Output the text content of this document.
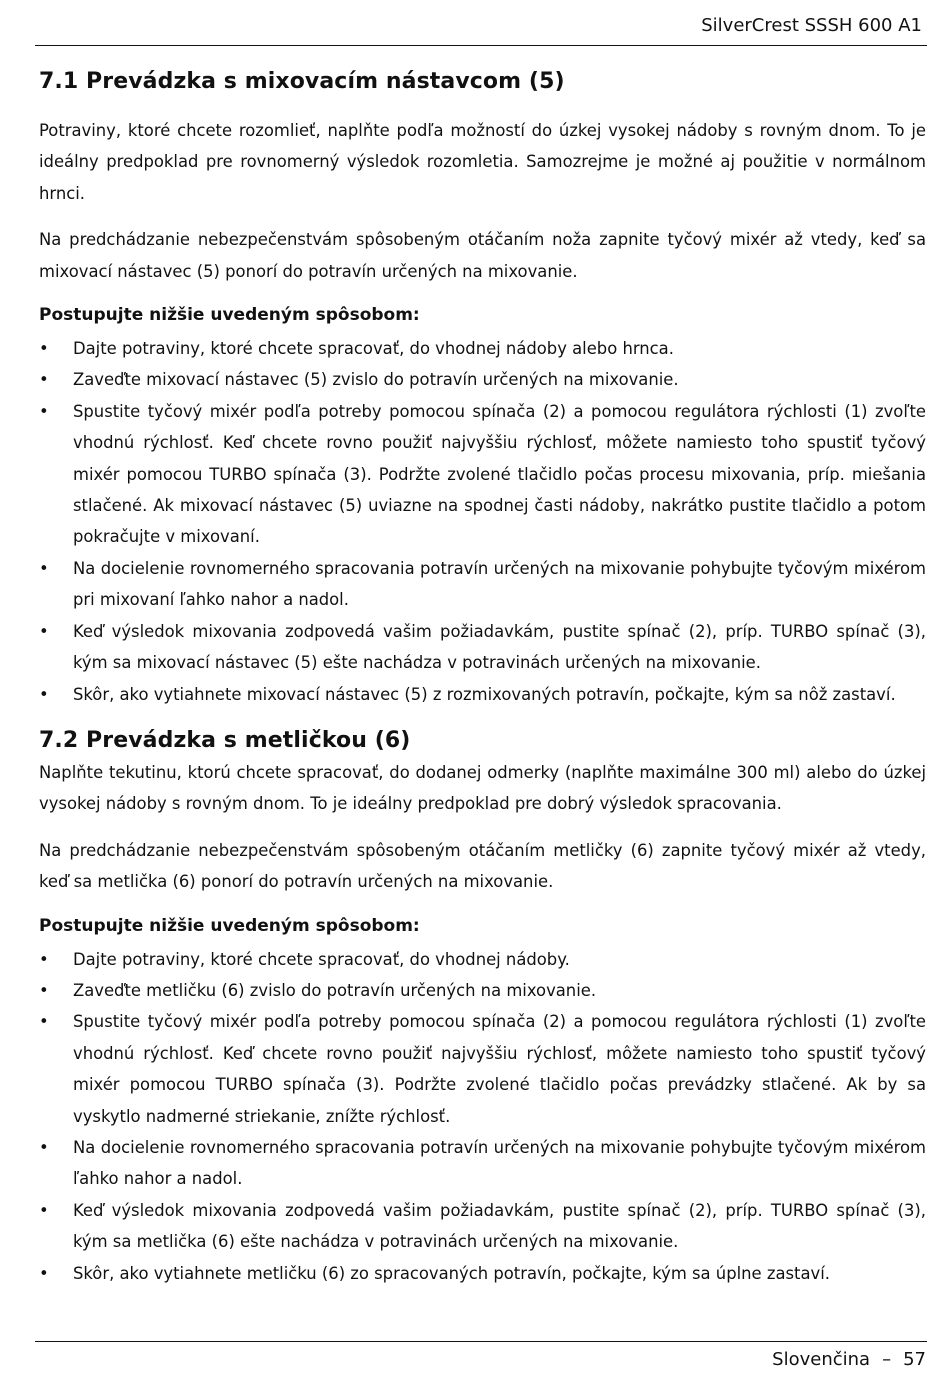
SilverCrest SSSH 600 A1
7.1 Prevádzka s mixovacím nástavcom (5)

Potraviny, ktoré chcete rozomlieť, naplňte podľa možností do úzkej vysokej nádoby s rovným dnom. To je ideálny predpoklad pre rovnomerný výsledok rozomletia. Samozrejme je možné aj použitie v normálnom hrnci.

Na predchádzanie nebezpečenstvám spôsobeným otáčaním noža zapnite tyčový mixér až vtedy, keď sa mixovací nástavec (5) ponorí do potravín určených na mixovanie.

Postupujte nižšie uvedeným spôsobom:
• Dajte potraviny, ktoré chcete spracovať, do vhodnej nádoby alebo hrnca.
• Zaveďte mixovací nástavec (5) zvislo do potravín určených na mixovanie.
• Spustite tyčový mixér podľa potreby pomocou spínača (2) a pomocou regulátora rýchlosti (1) zvoľte vhodnú rýchlosť. Keď chcete rovno použiť najvyššiu rýchlosť, môžete namiesto toho spustiť tyčový mixér pomocou TURBO spínača (3). Podržte zvolené tlačidlo počas procesu mixovania, príp. miešania stlačené. Ak mixovací nástavec (5) uviazne na spodnej časti nádoby, nakrátko pustite tlačidlo a potom pokračujte v mixovaní.
• Na docielenie rovnomerného spracovania potravín určených na mixovanie pohybujte tyčovým mixérom pri mixovaní ľahko nahor a nadol.
• Keď výsledok mixovania zodpovedá vašim požiadavkám, pustite spínač (2), príp. TURBO spínač (3), kým sa mixovací nástavec (5) ešte nachádza v potravinách určených na mixovanie.
• Skôr, ako vytiahnete mixovací nástavec (5) z rozmixovaných potravín, počkajte, kým sa nôž zastaví.
7.2 Prevádzka s metličkou (6)

Naplňte tekutinu, ktorú chcete spracovať, do dodanej odmerky (naplňte maximálne 300 ml) alebo do úzkej vysokej nádoby s rovným dnom. To je ideálny predpoklad pre dobrý výsledok spracovania.

Na predchádzanie nebezpečenstvám spôsobeným otáčaním metličky (6) zapnite tyčový mixér až vtedy, keď sa metlička (6) ponorí do potravín určených na mixovanie.

Postupujte nižšie uvedeným spôsobom:
• Dajte potraviny, ktoré chcete spracovať, do vhodnej nádoby.
• Zaveďte metličku (6) zvislo do potravín určených na mixovanie.
• Spustite tyčový mixér podľa potreby pomocou spínača (2) a pomocou regulátora rýchlosti (1) zvoľte vhodnú rýchlosť. Keď chcete rovno použiť najvyššiu rýchlosť, môžete namiesto toho spustiť tyčový mixér pomocou TURBO spínača (3). Podržte zvolené tlačidlo počas prevádzky stlačené. Ak by sa vyskytlo nadmerné striekanie, znížte rýchlosť.
• Na docielenie rovnomerného spracovania potravín určených na mixovanie pohybujte tyčovým mixérom ľahko nahor a nadol.
• Keď výsledok mixovania zodpovedá vašim požiadavkám, pustite spínač (2), príp. TURBO spínač (3), kým sa metlička (6) ešte nachádza v potravinách určených na mixovanie.
• Skôr, ako vytiahnete metličku (6) zo spracovaných potravín, počkajte, kým sa úplne zastaví.
Slovenčina – 57
